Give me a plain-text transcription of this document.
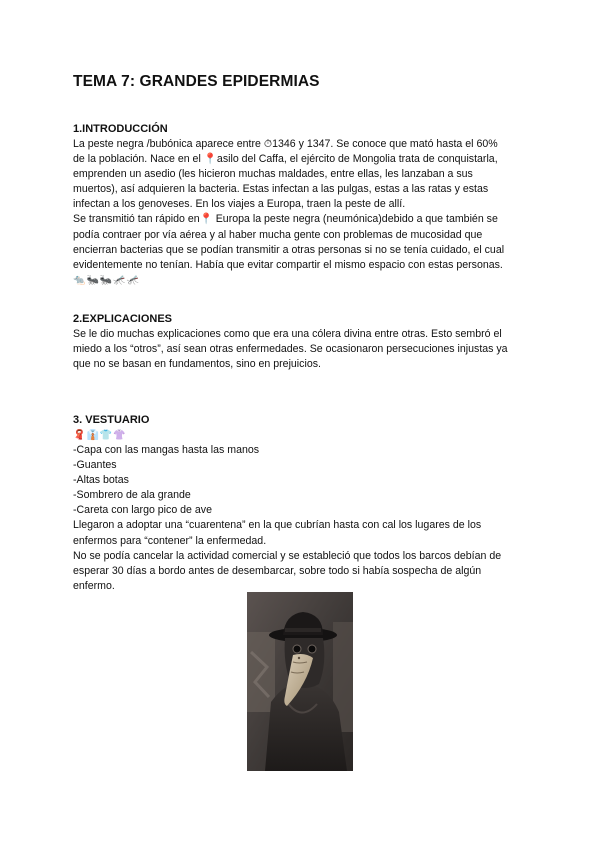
TEMA 7: GRANDES EPIDERMIAS

1.INTRODUCCIÓN

La peste negra /bubónica aparece entre ⏱1346 y 1347. Se conoce que mató hasta el 60%
de la población. Nace en el 📍asilo del Caffa, el ejército de Mongolia trata de conquistarla,
emprenden un asedio (les hicieron muchas maldades, entre ellas, les lanzaban a sus
muertos), así adquieren la bacteria. Estas infectan a las pulgas, estas a las ratas y estas
infectan a los genoveses. En los viajes a Europa, traen la peste de allí.
Se transmitió tan rápido en📍 Europa la peste negra (neumónica)debido a que también se
podía contraer por vía aérea y al haber mucha gente con problemas de mucosidad que
encierran bacterias que se podían transmitir a otras personas si no se tenía cuidado, el cual
evidentemente no tenían. Había que evitar compartir el mismo espacio con estas personas.

🐀🐜🐜🦟🦟

2.EXPLICACIONES

Se le dio muchas explicaciones como que era una cólera divina entre otras. Esto sembró el
miedo a los “otros”, así sean otras enfermedades. Se ocasionaron persecuciones injustas ya
que no se basan en fundamentos, sino en prejuicios.

3. VESTUARIO

🧣👔👕👚

-Capa con las mangas hasta las manos
-Guantes
-Altas botas
-Sombrero de ala grande
-Careta con largo pico de ave
Llegaron a adoptar una “cuarentena” en la que cubrían hasta con cal los lugares de los
enfermos para “contener” la enfermedad.
No se podía cancelar la actividad comercial y se estableció que todos los barcos debían de
esperar 30 días a bordo antes de desembarcar, sobre todo si había sospecha de algún
enfermo.
